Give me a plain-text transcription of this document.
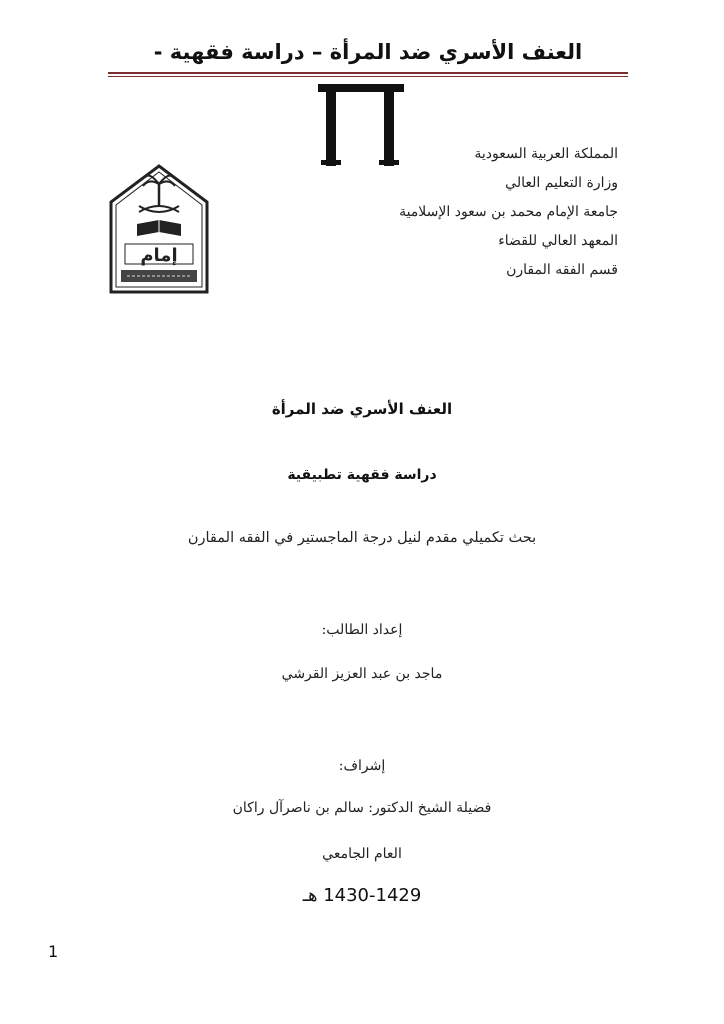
العنف الأسري ضد المرأة – دراسة فقهية -
المملكة العربية السعودية
وزارة التعليم العالي
جامعة الإمام محمد بن سعود الإسلامية
المعهد العالي للقضاء
قسم الفقه المقارن
إمام
العنف الأسري ضد المرأة
دراسة فقهية تطبيقية
بحث تكميلي مقدم لنيل درجة الماجستير في الفقه المقارن
إعداد الطالب:
ماجد بن عبد العزيز القرشي
إشراف:
فضيلة الشيخ الدكتور: سالم بن ناصرآل راكان
العام الجامعي
1430-1429 هـ
1
